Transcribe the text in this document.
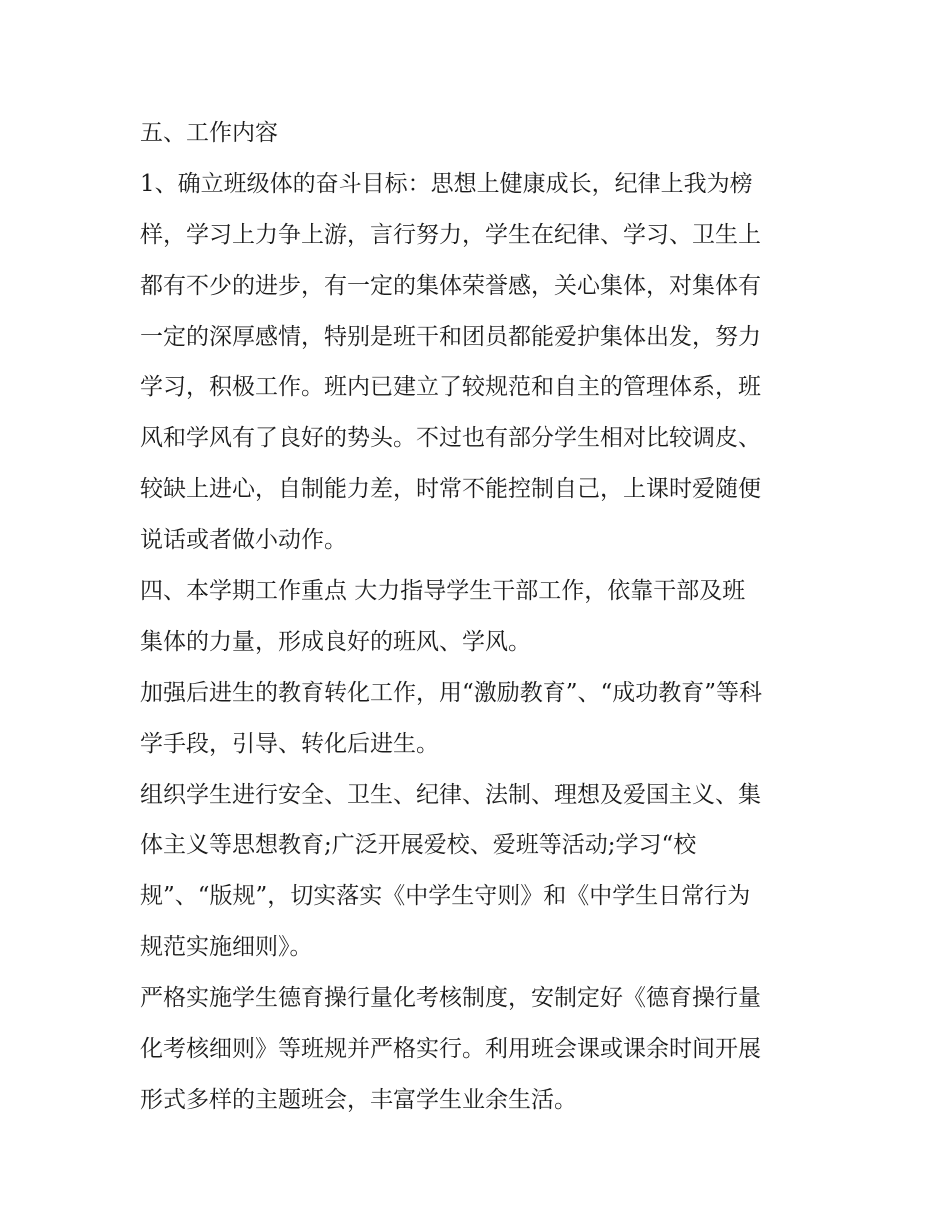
五、工作内容
1、确立班级体的奋斗目标：思想上健康成长，纪律上我为榜
样，学习上力争上游，言行努力，学生在纪律、学习、卫生上
都有不少的进步，有一定的集体荣誉感，关心集体，对集体有
一定的深厚感情，特别是班干和团员都能爱护集体出发，努力
学习，积极工作。班内已建立了较规范和自主的管理体系，班
风和学风有了良好的势头。不过也有部分学生相对比较调皮、
较缺上进心，自制能力差，时常不能控制自己，上课时爱随便
说话或者做小动作。
四、本学期工作重点 大力指导学生干部工作，依靠干部及班
集体的力量，形成良好的班风、学风。
加强后进生的教育转化工作，用“激励教育”、“成功教育”等科
学手段，引导、转化后进生。
组织学生进行安全、卫生、纪律、法制、理想及爱国主义、集
体主义等思想教育;广泛开展爱校、爱班等活动;学习“校
规”、“版规”，切实落实《中学生守则》和《中学生日常行为
规范实施细则》。
严格实施学生德育操行量化考核制度，安制定好《德育操行量
化考核细则》等班规并严格实行。利用班会课或课余时间开展
形式多样的主题班会，丰富学生业余生活。
